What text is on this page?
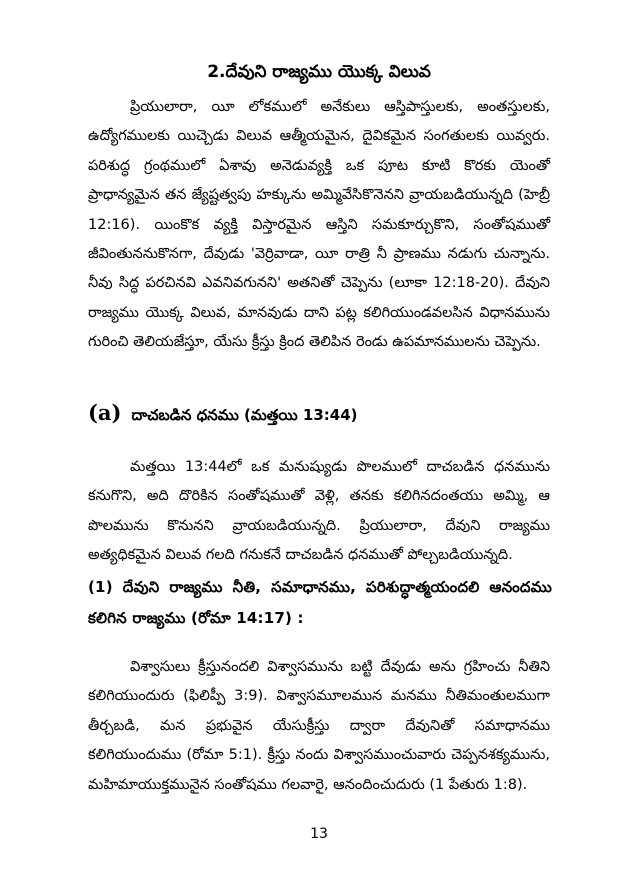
2.దేవుని రాజ్యము యొక్క విలువ

ప్రియులారా, యీ లోకములో అనేకులు ఆస్తిపాస్తులకు, అంతస్తులకు, ఉద్యోగములకు యిచ్చెడు విలువ ఆత్మీయమైన, దైవికమైన సంగతులకు యివ్వరు. పరిశుద్ధ గ్రంథములో ఏశావు అనెడువ్యక్తి ఒక పూట కూటి కొరకు యెంతో ప్రాధాన్యమైన తన జ్యేష్టత్వపు హక్కును అమ్మివేసికొనెనని వ్రాయబడియున్నది (హెబ్రీ 12:16). యింకొక వ్యక్తి విస్తారమైన ఆస్తిని సమకూర్చుకొని, సంతోషముతో జీవింతుననుకొనగా, దేవుడు 'వెర్రివాడా, యీ రాత్రి నీ ప్రాణము నడుగు చున్నాను. నీవు సిద్ధ పరచినవి ఎవనివగునని' అతనితో చెప్పెను (లూకా 12:18-20). దేవుని రాజ్యము యొక్క విలువ, మానవుడు దాని పట్ల కలిగియుండవలసిన విధానమును గురించి తెలియజేస్తూ, యేసు క్రీస్తు క్రింద తెలిపిన రెండు ఉపమానములను చెప్పెను.

(a) దాచబడిన ధనము (మత్తయి 13:44)

మత్తయి 13:44లో ఒక మనుష్యుడు పొలములో దాచబడిన ధనమును కనుగొని, అది దొరికిన సంతోషముతో వెళ్లి, తనకు కలిగినదంతయు అమ్మి, ఆ పొలమును కొనునని వ్రాయబడియున్నది. ప్రియులారా, దేవుని రాజ్యము అత్యధికమైన విలువ గలది గనుకనే దాచబడిన ధనముతో పోల్చబడియున్నది.

(1) దేవుని రాజ్యము నీతి, సమాధానము, పరిశుద్ధాత్మయందలి ఆనందము కలిగిన రాజ్యము (రోమా 14:17) :

విశ్వాసులు క్రీస్తునందలి విశ్వాసమును బట్టి దేవుడు అను గ్రహించు నీతిని కలిగియుందురు (ఫిలిప్పీ 3:9). విశ్వాసమూలమున మనము నీతిమంతులముగా తీర్చబడి, మన ప్రభువైన యేసుక్రీస్తు ద్వారా దేవునితో సమాధానము కలిగియుందుము (రోమా 5:1). క్రీస్తు నందు విశ్వాసముంచువారు చెప్పనశక్యమును, మహిమాయుక్తమునైన సంతోషము గలవారై, ఆనందించుదురు (1 పేతురు 1:8).

13
